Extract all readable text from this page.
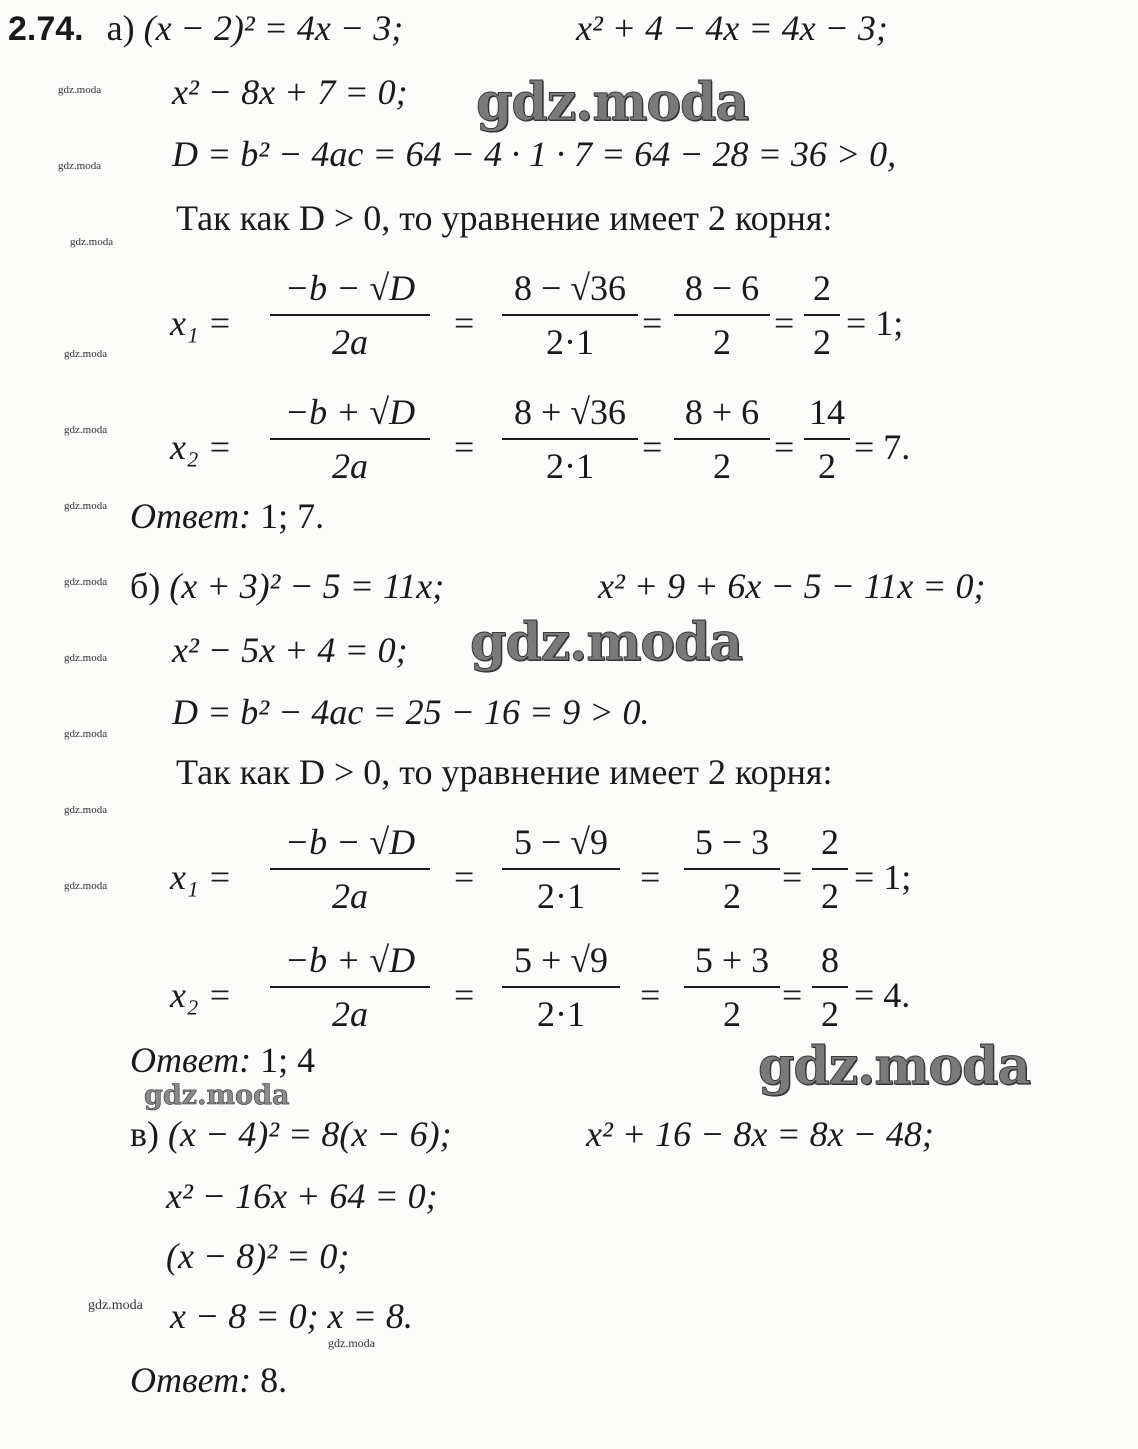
2.74. а) (x − 2)² = 4x − 3;	x² + 4 − 4x = 4x − 3;
x² − 8x + 7 = 0;
D = b² − 4ac = 64 − 4 · 1 · 7 = 64 − 28 = 36 > 0,
Так как D > 0, то уравнение имеет 2 корня:
x₁ =
−b − √D
2a	=
8 − √36
2·1	=
8 − 6
2	=
2
2 = 1;
x₂ =
−b + √D
2a	=
8 + √36
2·1	=
8 + 6
2	=
14
2 = 7.
Ответ: 1; 7.
б) (x + 3)² − 5 = 11x;	x² + 9 + 6x − 5 − 11x = 0;
x² − 5x + 4 = 0;
D = b² − 4ac = 25 − 16 = 9 > 0.
Так как D > 0, то уравнение имеет 2 корня:
x₁ =
−b − √D
2a	=
5 − √9
2·1	=
5 − 3
2	=
2
2 = 1;
x₂ =
−b + √D
2a	=
5 + √9
2·1	=
5 + 3
2	=
8
2 = 4.
Ответ: 1; 4
в) (x − 4)² = 8(x − 6);	x² + 16 − 8x = 8x − 48;
x² − 16x + 64 = 0;
(x − 8)² = 0;
x − 8 = 0; x = 8.
Ответ: 8.
gdz.moda
gdz.moda
gdz.moda
gdz.moda
gdz.moda
gdz.moda
gdz.moda
gdz.moda
gdz.moda
gdz.moda
gdz.moda
gdz.moda
gdz.moda
gdz.moda
gdz.moda
gdz.moda
gdz.moda
